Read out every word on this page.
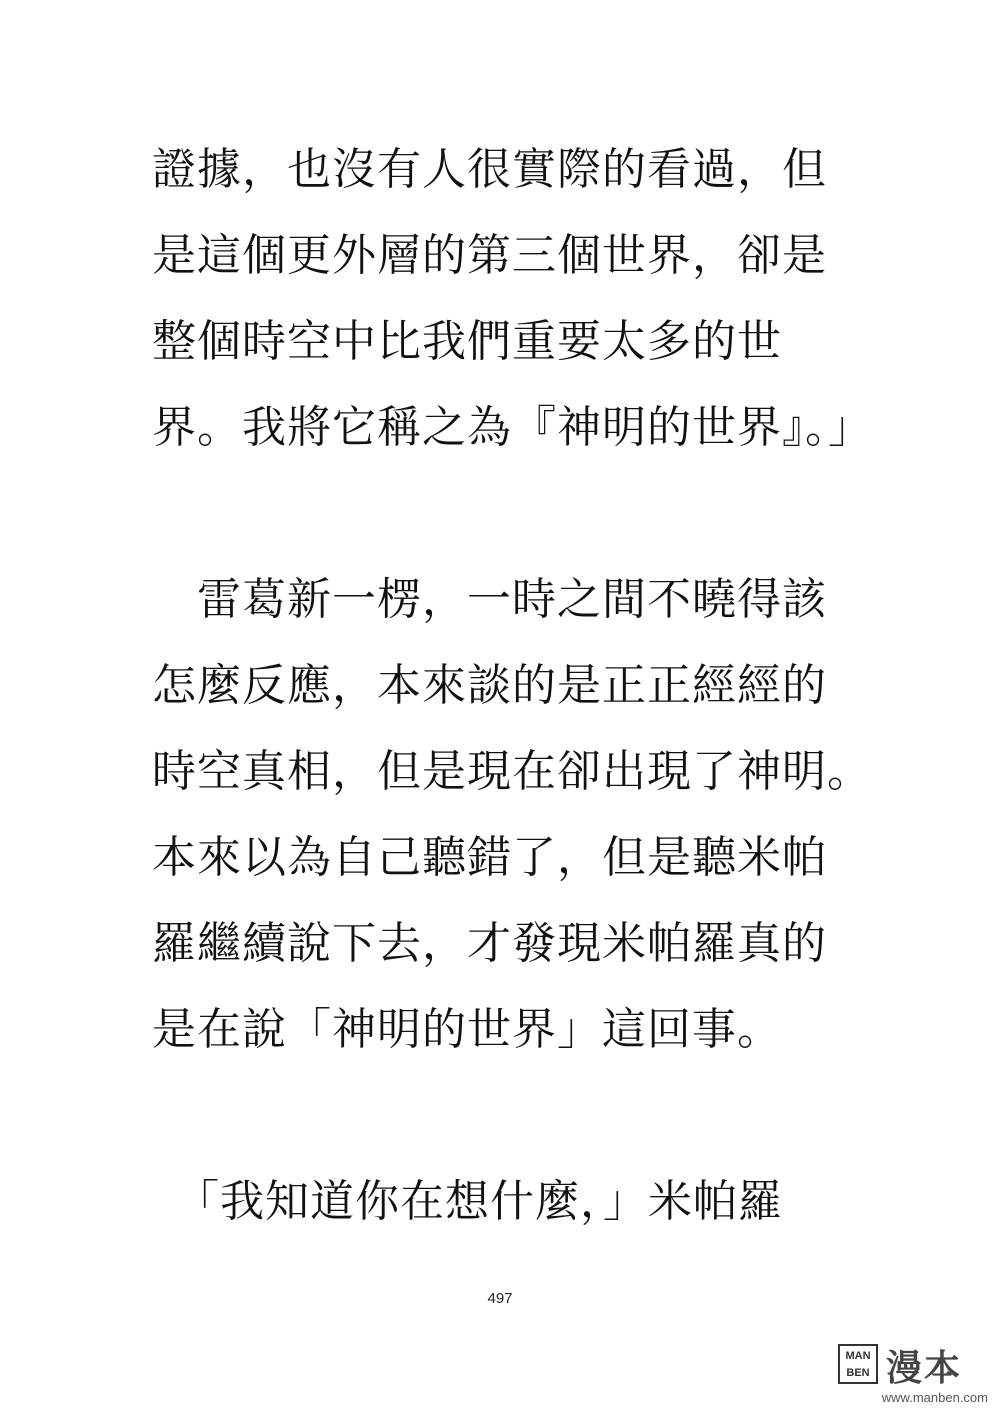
證據，也沒有人很實際的看過，但
是這個更外層的第三個世界，卻是
整個時空中比我們重要太多的世
界。我將它稱之為『神明的世界』。」
　雷葛新一楞，一時之間不曉得該
怎麼反應，本來談的是正正經經的
時空真相，但是現在卻出現了神明。
本來以為自己聽錯了，但是聽米帕
羅繼續說下去，才發現米帕羅真的
是在說「神明的世界」這回事。
　「我知道你在想什麼，」米帕羅
497
MAN
BEN 漫本
www.manben.com
